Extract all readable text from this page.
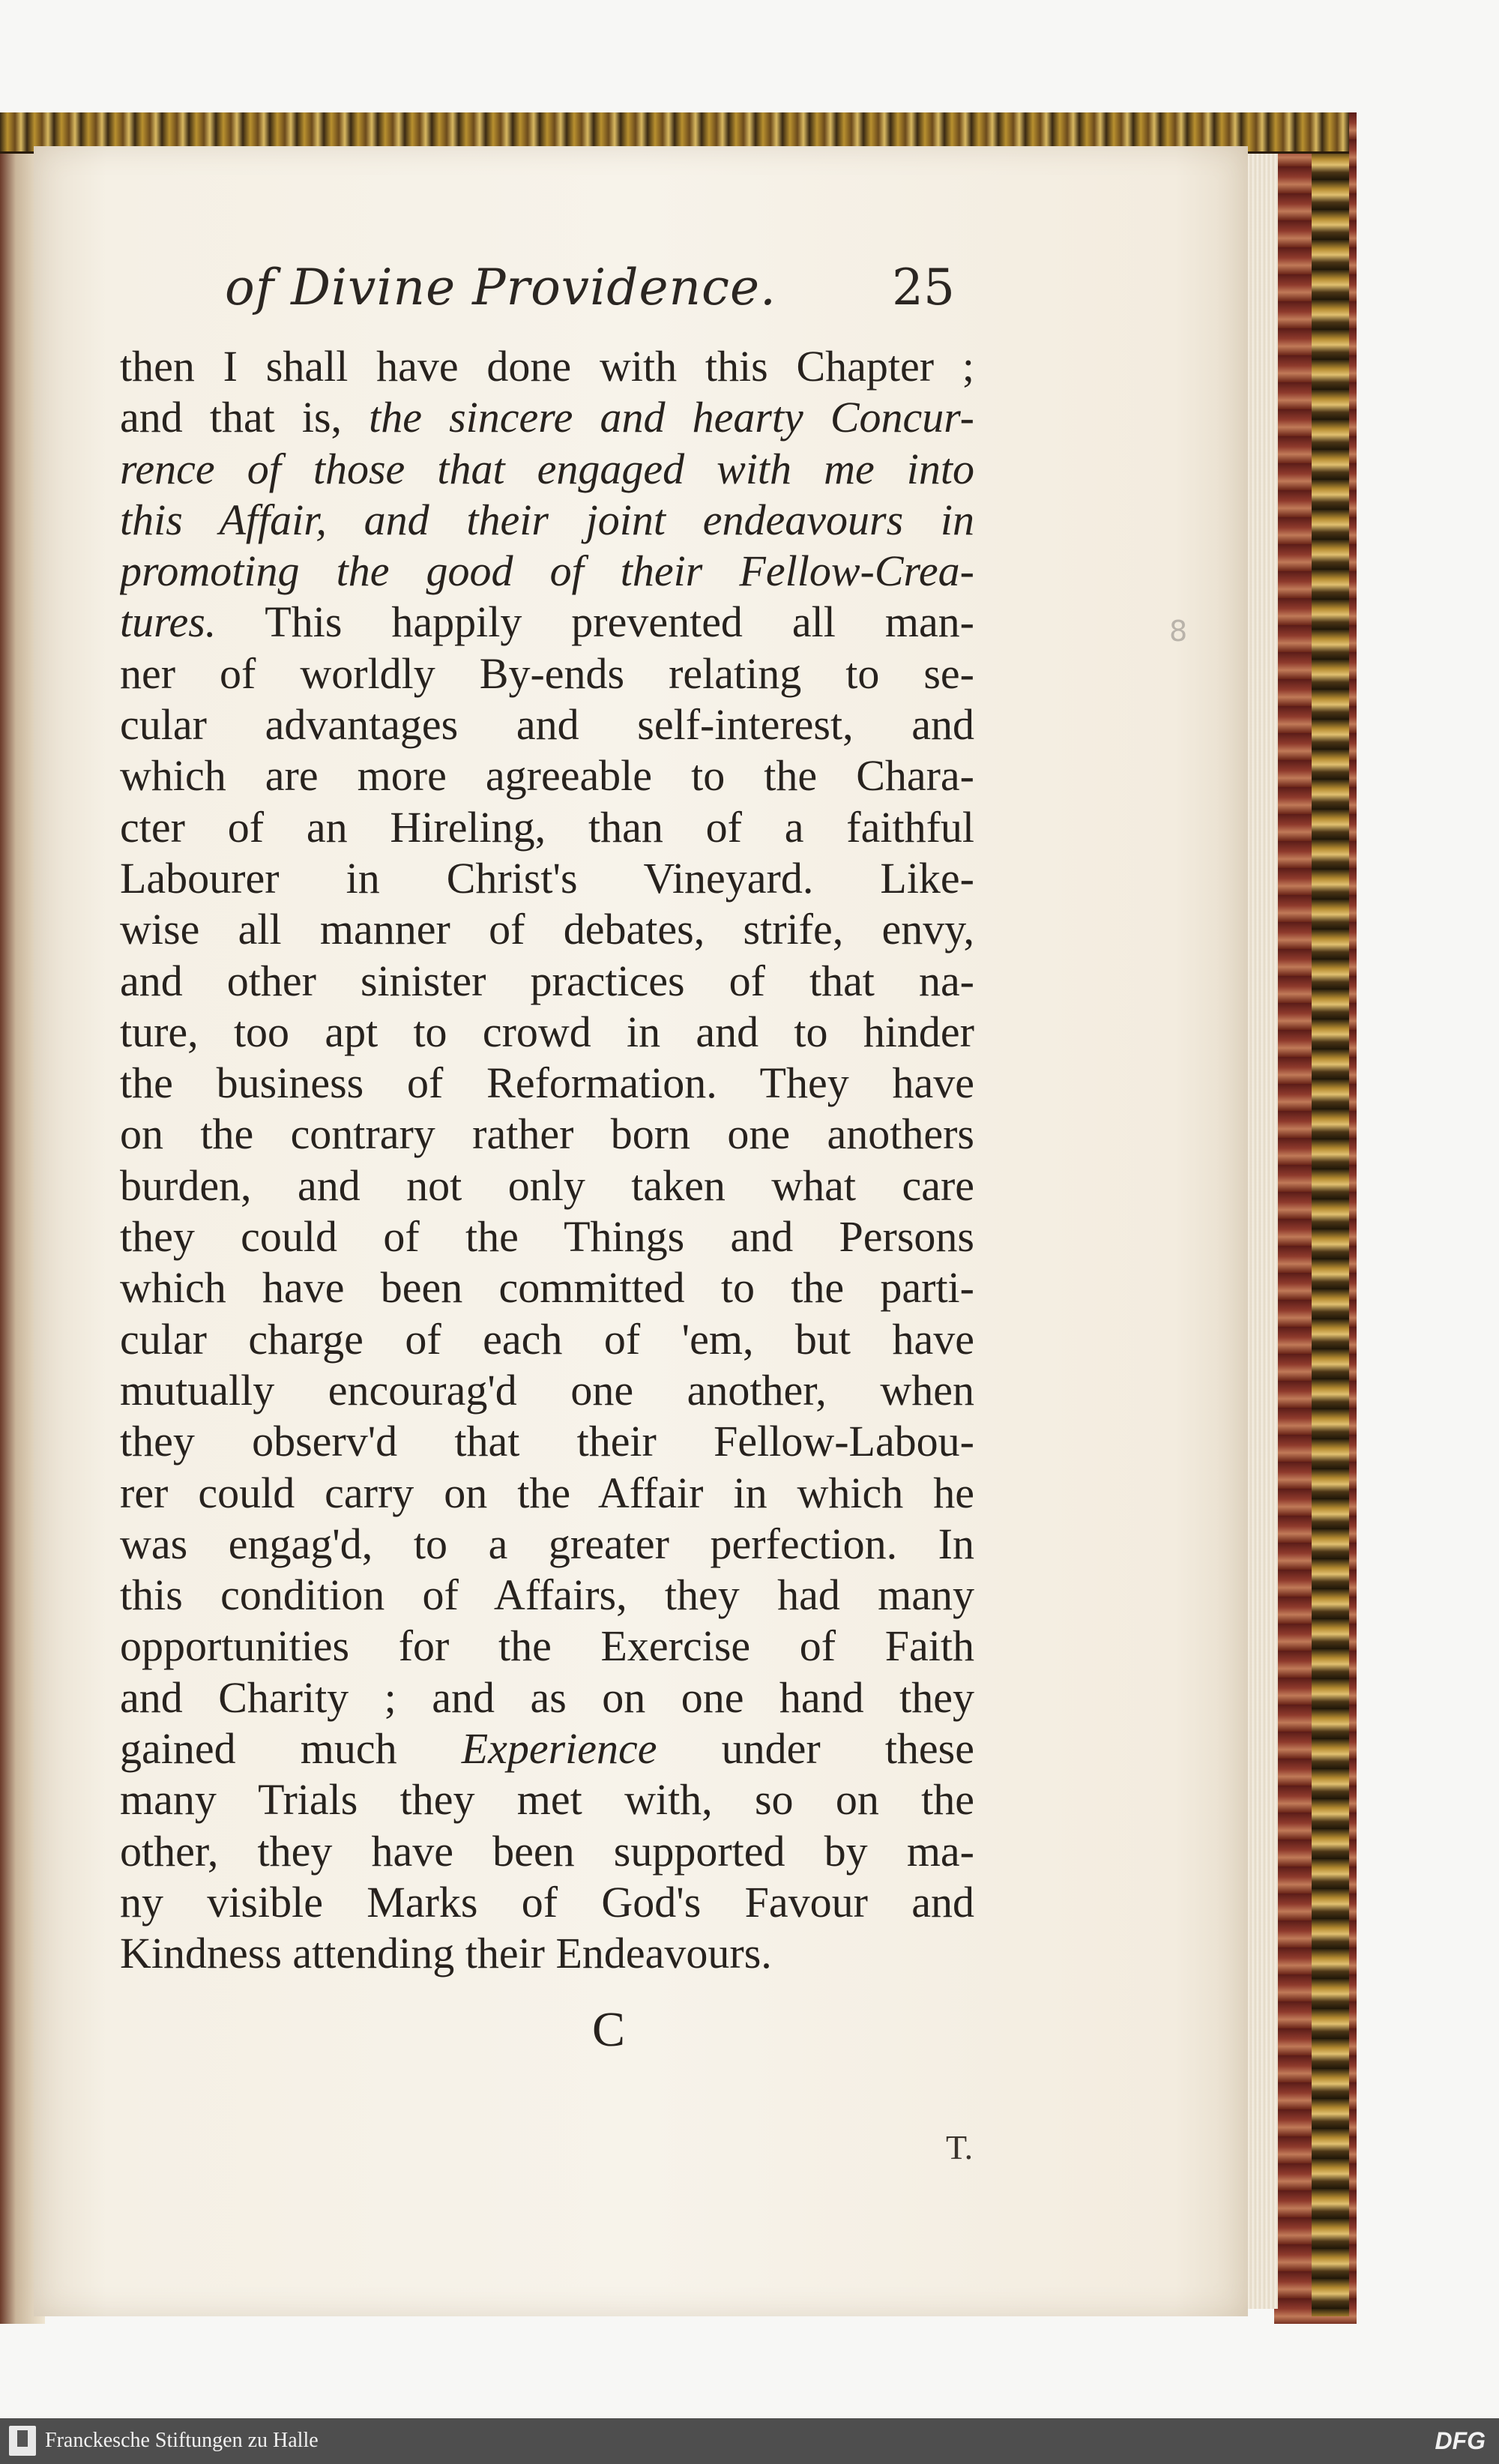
of Divine Providence.	25
then I shall have done with this Chapter ;
and that is, the sincere and hearty Concur-
rence of those that engaged with me into
this Affair, and their joint endeavours in
promoting the good of their Fellow-Crea-
tures. This happily prevented all man-
ner of worldly By-ends relating to se-
cular advantages and self-interest, and
which are more agreeable to the Chara-
cter of an Hireling, than of a faithful
Labourer in Christ's Vineyard. Like-
wise all manner of debates, strife, envy,
and other sinister practices of that na-
ture, too apt to crowd in and to hinder
the business of Reformation. They have
on the contrary rather born one anothers
burden, and not only taken what care
they could of the Things and Persons
which have been committed to the parti-
cular charge of each of 'em, but have
mutually encourag'd one another, when
they observ'd that their Fellow-Labou-
rer could carry on the Affair in which he
was engag'd, to a greater perfection. In
this condition of Affairs, they had many
opportunities for the Exercise of Faith
and Charity ; and as on one hand they
gained much Experience under these
many Trials they met with, so on the
other, they have been supported by ma-
ny visible Marks of God's Favour and
Kindness attending their Endeavours.
C
T.
8
Franckesche Stiftungen zu Halle	DFG
